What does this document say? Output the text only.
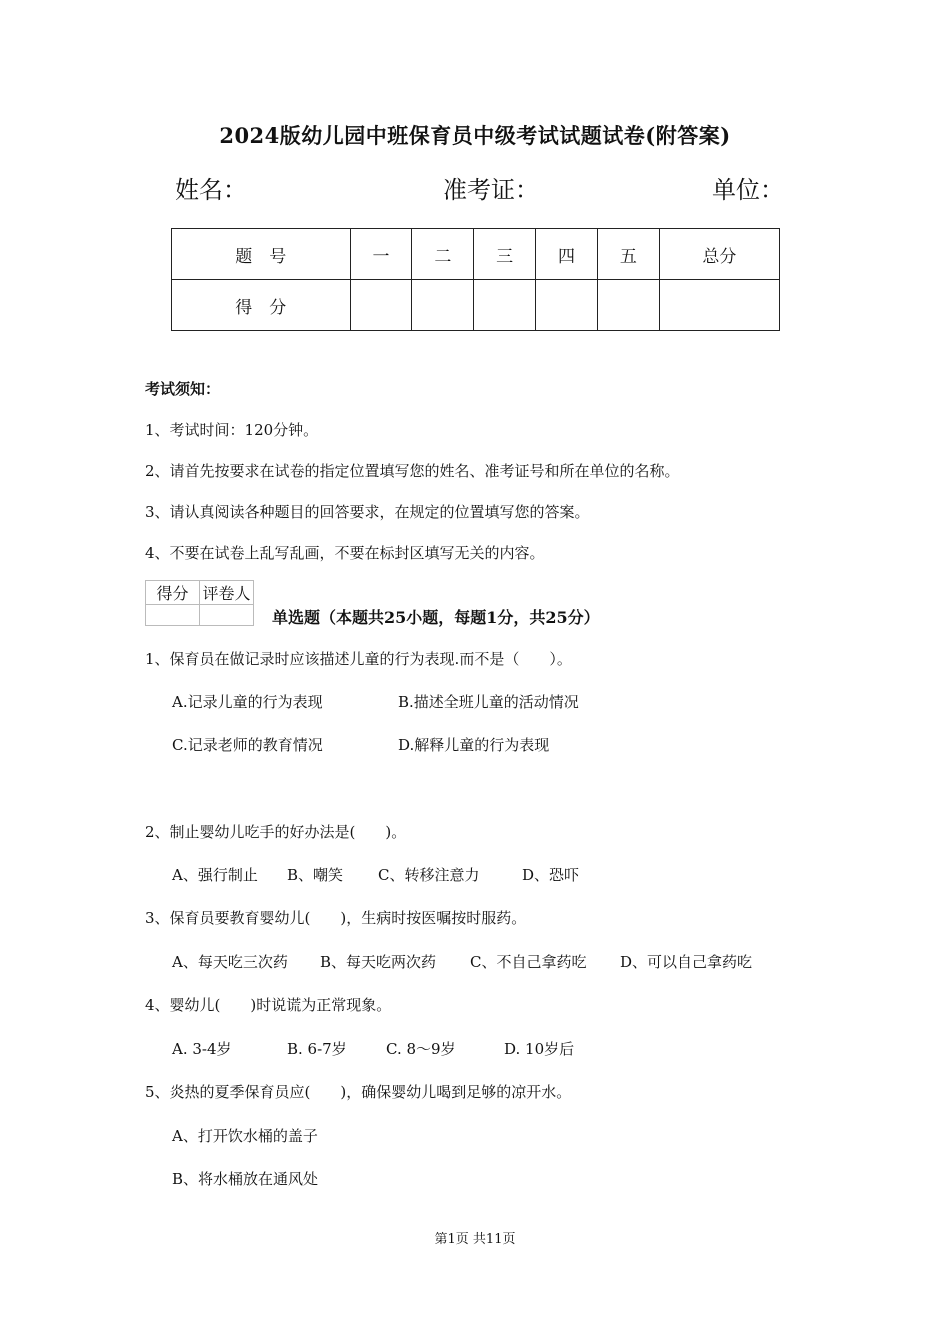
2024版幼儿园中班保育员中级考试试题试卷(附答案)
姓名：	准考证：	单位：
题　号	一	二	三	四	五	总分
得　分						
考试须知：
1、考试时间：120分钟。
2、请首先按要求在试卷的指定位置填写您的姓名、准考证号和所在单位的名称。
3、请认真阅读各种题目的回答要求，在规定的位置填写您的答案。
4、不要在试卷上乱写乱画，不要在标封区填写无关的内容。
得分	评卷人

单选题（本题共25小题，每题1分，共25分）
1、保育员在做记录时应该描述儿童的行为表现.而不是（　　）。
A.记录儿童的行为表现	B.描述全班儿童的活动情况
C.记录老师的教育情况	D.解释儿童的行为表现
2、制止婴幼儿吃手的好办法是(　　)。
A、强行制止 B、嘲笑 C、转移注意力	D、恐吓
3、保育员要教育婴幼儿(　　)，生病时按医嘱按时服药。
A、每天吃三次药 B、每天吃两次药 C、不自己拿药吃 D、可以自己拿药吃
4、婴幼儿(　　)时说谎为正常现象。
A. 3-4岁	B. 6-7岁	C. 8～9岁	D. 10岁后
5、炎热的夏季保育员应(　　)，确保婴幼儿喝到足够的凉开水。
A、打开饮水桶的盖子
B、将水桶放在通风处
第1页 共11页
